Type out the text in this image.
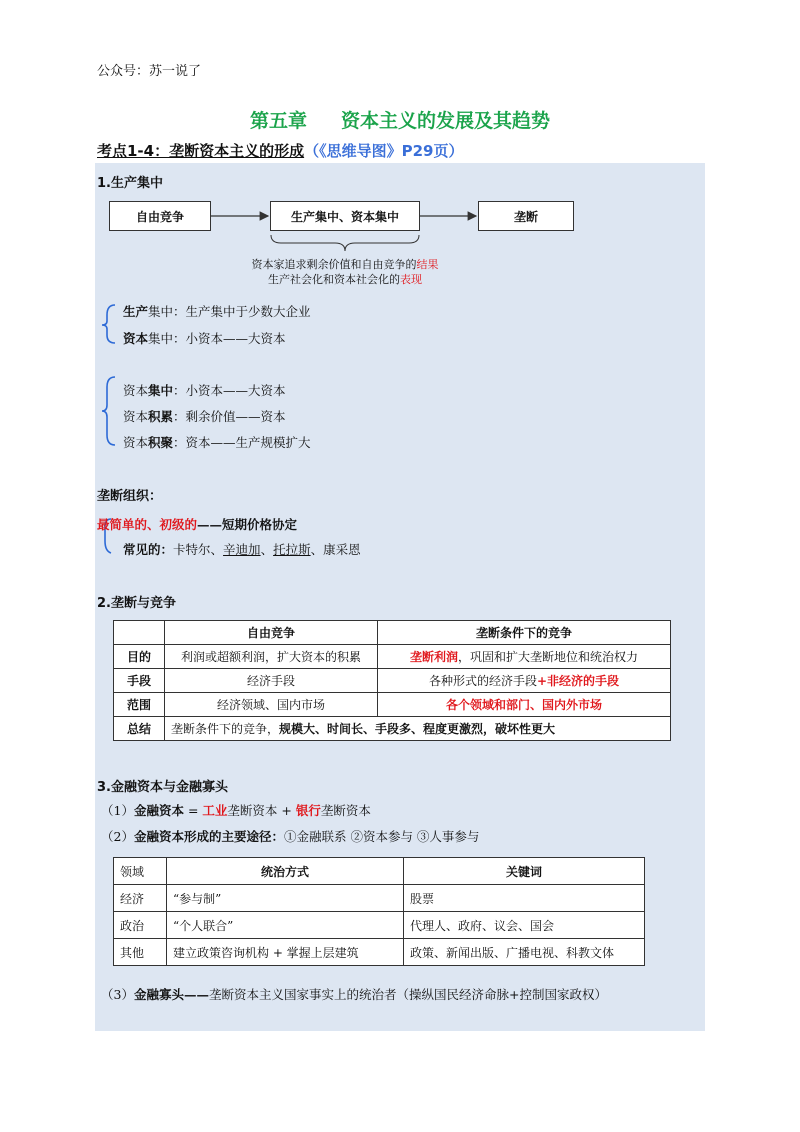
公众号：苏一说了
第五章 资本主义的发展及其趋势
考点1-4：垄断资本主义的形成（《思维导图》P29页）
1.生产集中
自由竞争	生产集中、资本集中	垄断
资本家追求剩余价值和自由竞争的结果
生产社会化和资本社会化的表现
生产集中：生产集中于少数大企业
资本集中：小资本——大资本
资本集中：小资本——大资本
资本积累：剩余价值——资本
资本积聚：资本——生产规模扩大
垄断组织：
最简单的、初级的——短期价格协定
常见的：卡特尔、辛迪加、托拉斯、康采恩
2.垄断与竞争
	自由竞争	垄断条件下的竞争
目的	利润或超额利润，扩大资本的积累	垄断利润，巩固和扩大垄断地位和统治权力
手段	经济手段	各种形式的经济手段+非经济的手段
范围	经济领域、国内市场	各个领域和部门、国内外市场
总结	垄断条件下的竞争，规模大、时间长、手段多、程度更激烈，破坏性更大	
3.金融资本与金融寡头
（1）金融资本 = 工业垄断资本 + 银行垄断资本
（2）金融资本形成的主要途径：①金融联系 ②资本参与 ③人事参与
领域	统治方式	关键词
经济	“参与制”	股票
政治	“个人联合”	代理人、政府、议会、国会
其他	建立政策咨询机构 + 掌握上层建筑	政策、新闻出版、广播电视、科教文体
（3）金融寡头——垄断资本主义国家事实上的统治者（操纵国民经济命脉+控制国家政权）
